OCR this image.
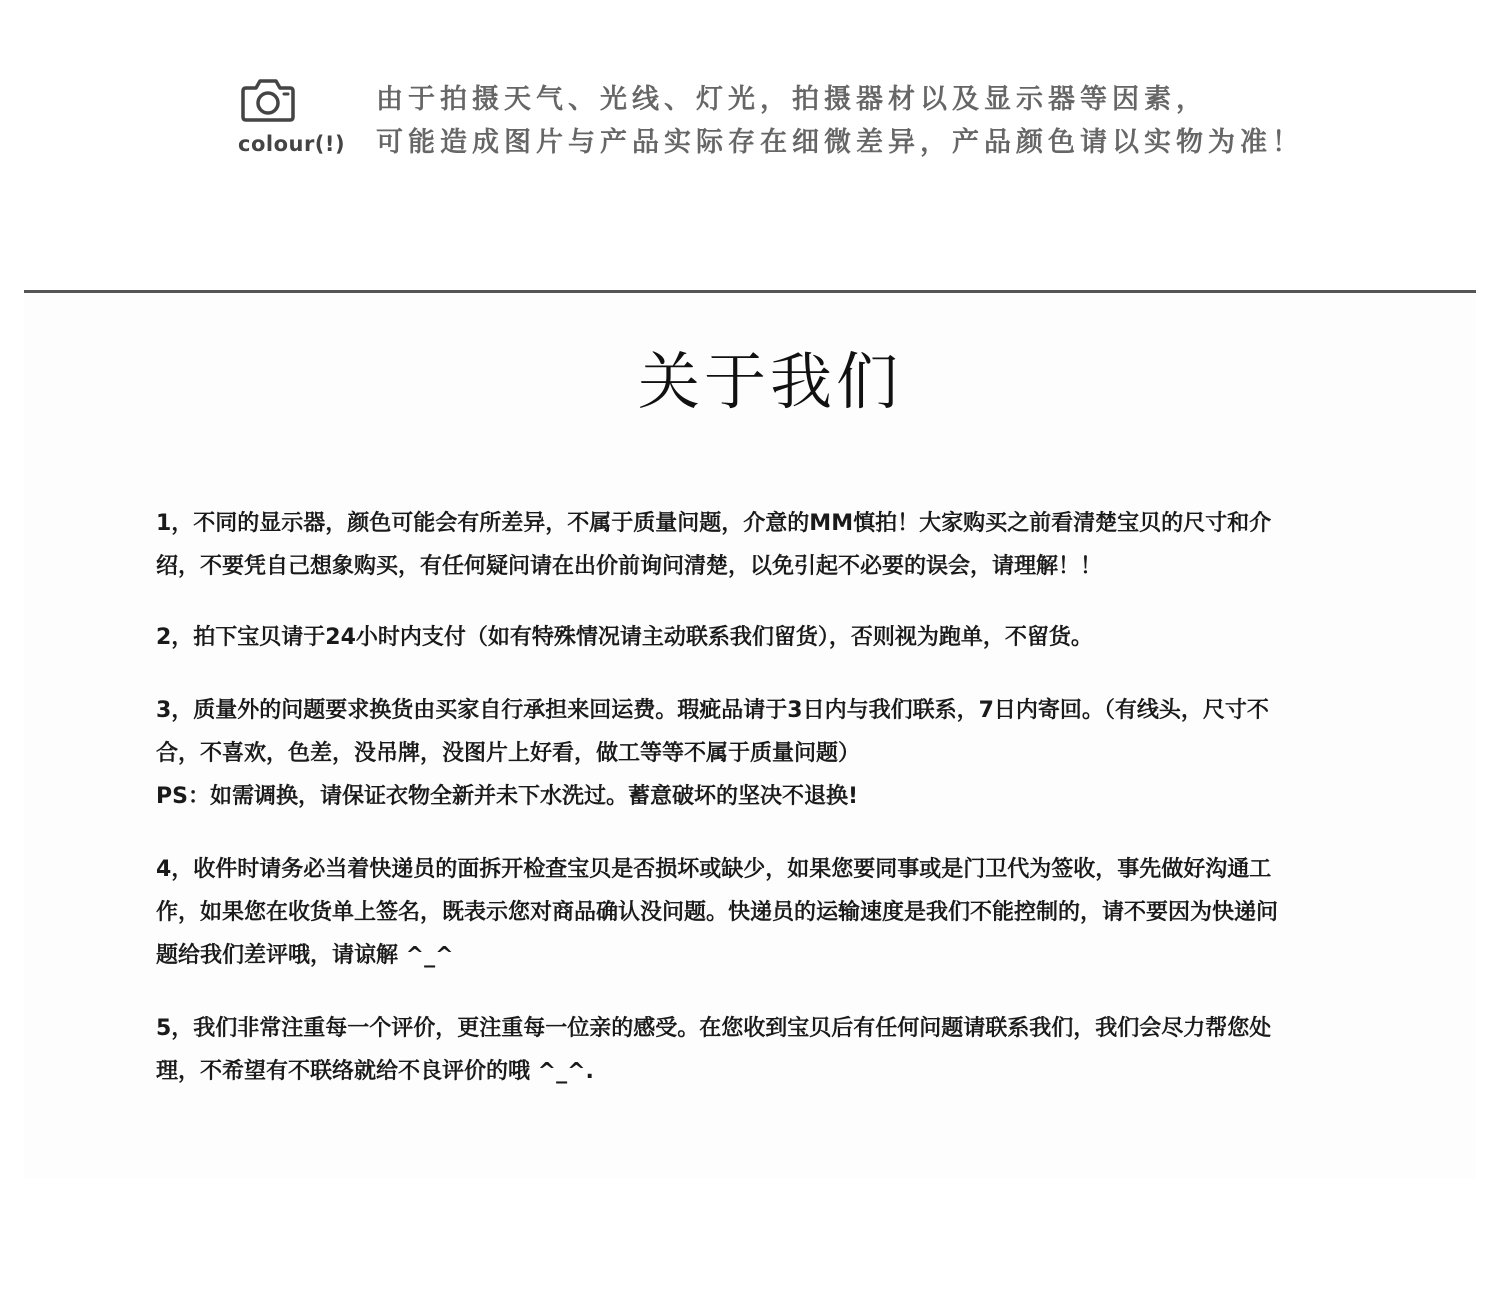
colour(!)
由于拍摄天气、光线、灯光，拍摄器材以及显示器等因素，
可能造成图片与产品实际存在细微差异，产品颜色请以实物为准！
关于我们

1，不同的显示器，颜色可能会有所差异，不属于质量问题，介意的MM慎拍！大家购买之前看清楚宝贝的尺寸和介
绍，不要凭自己想象购买，有任何疑问请在出价前询问清楚，以免引起不必要的误会，请理解！！

2，拍下宝贝请于24小时内支付（如有特殊情况请主动联系我们留货），否则视为跑单，不留货。

3，质量外的问题要求换货由买家自行承担来回运费。瑕疵品请于3日内与我们联系，7日内寄回。（有线头，尺寸不
合，不喜欢，色差，没吊牌，没图片上好看，做工等等不属于质量问题）
PS：如需调换，请保证衣物全新并未下水洗过。蓄意破坏的坚决不退换!

4，收件时请务必当着快递员的面拆开检查宝贝是否损坏或缺少，如果您要同事或是门卫代为签收，事先做好沟通工
作，如果您在收货单上签名，既表示您对商品确认没问题。快递员的运输速度是我们不能控制的，请不要因为快递问
题给我们差评哦，请谅解 ^_^

5，我们非常注重每一个评价，更注重每一位亲的感受。在您收到宝贝后有任何问题请联系我们，我们会尽力帮您处
理，不希望有不联络就给不良评价的哦 ^_^.
